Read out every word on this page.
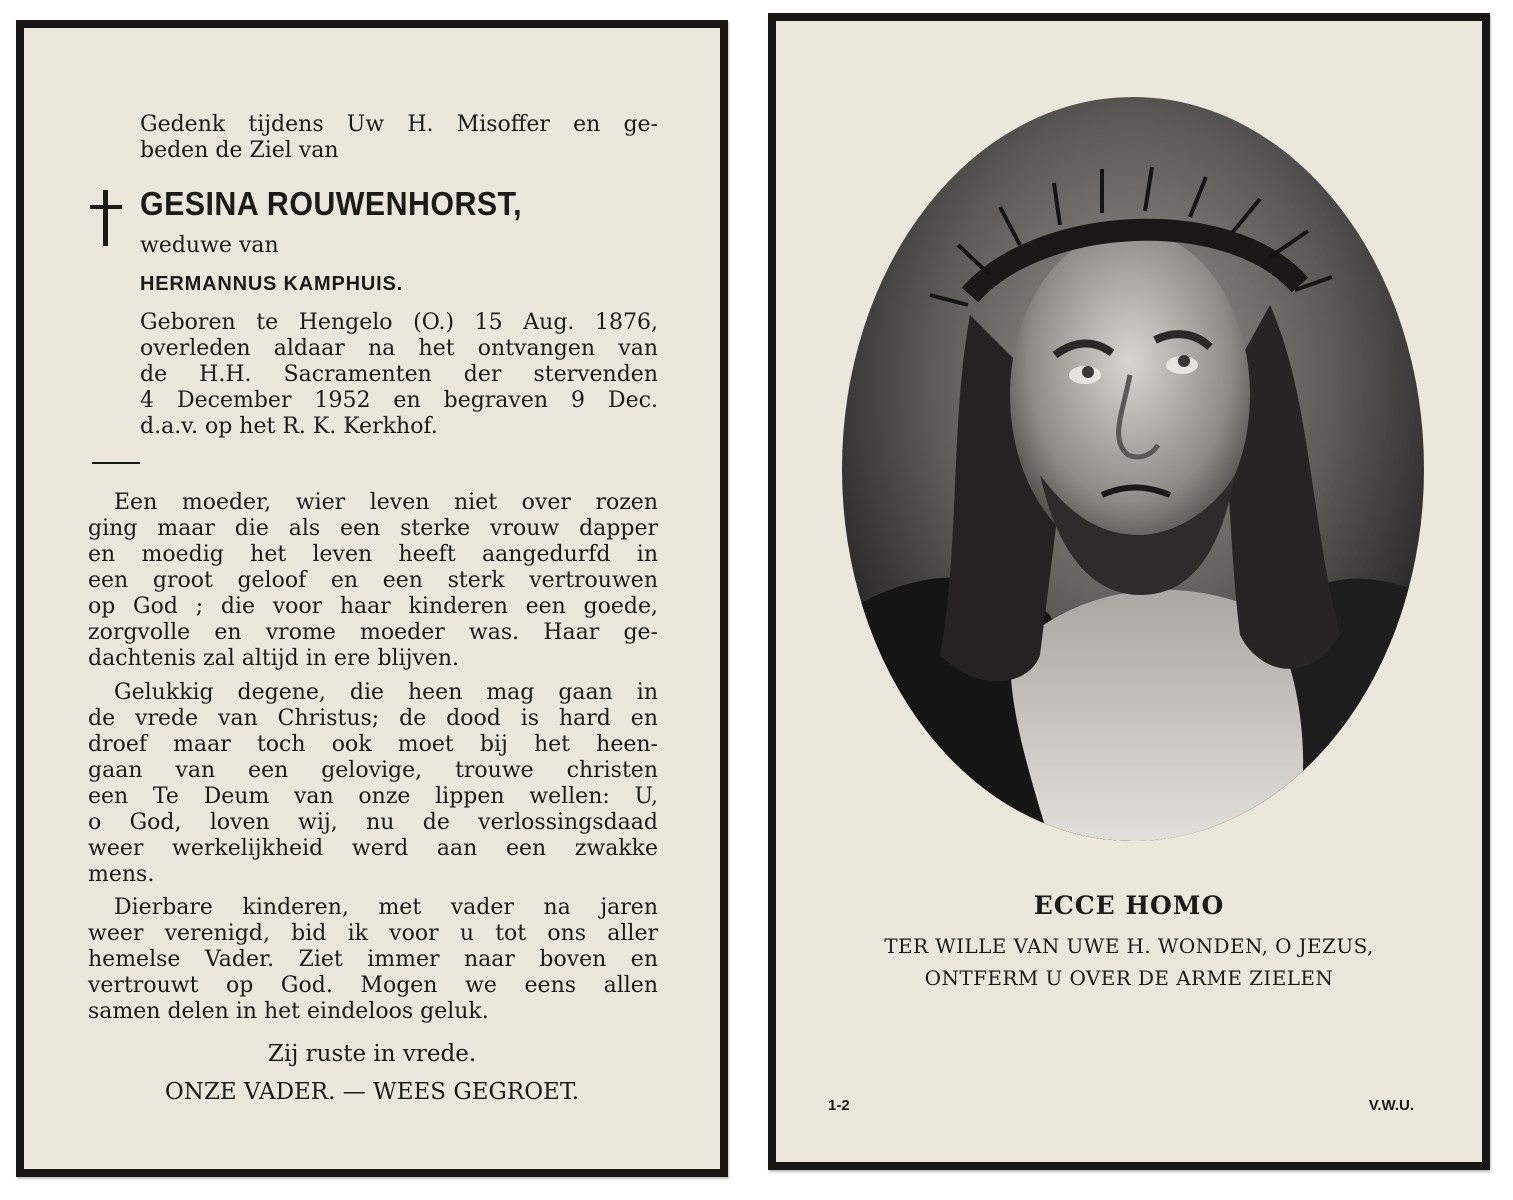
Gedenk tijdens Uw H. Misoffer en ge-
beden de Ziel van
GESINA ROUWENHORST,
weduwe van
HERMANNUS KAMPHUIS.
Geboren te Hengelo (O.) 15 Aug. 1876,
overleden aldaar na het ontvangen van
de H.H. Sacramenten der stervenden
4 December 1952 en begraven 9 Dec.
d.a.v. op het R. K. Kerkhof.
Een moeder, wier leven niet over rozen
ging maar die als een sterke vrouw dapper
en moedig het leven heeft aangedurfd in
een groot geloof en een sterk vertrouwen
op God ; die voor haar kinderen een goede,
zorgvolle en vrome moeder was. Haar ge-
dachtenis zal altijd in ere blijven.
Gelukkig degene, die heen mag gaan in
de vrede van Christus; de dood is hard en
droef maar toch ook moet bij het heen-
gaan van een gelovige, trouwe christen
een Te Deum van onze lippen wellen: U,
o God, loven wij, nu de verlossingsdaad
weer werkelijkheid werd aan een zwakke
mens.
Dierbare kinderen, met vader na jaren
weer verenigd, bid ik voor u tot ons aller
hemelse Vader. Ziet immer naar boven en
vertrouwt op God. Mogen we eens allen
samen delen in het eindeloos geluk.
Zij ruste in vrede.
ONZE VADER. — WEES GEGROET.
ECCE HOMO
TER WILLE VAN UWE H. WONDEN, O JEZUS,
ONTFERM U OVER DE ARME ZIELEN
1-2	V.W.U.
